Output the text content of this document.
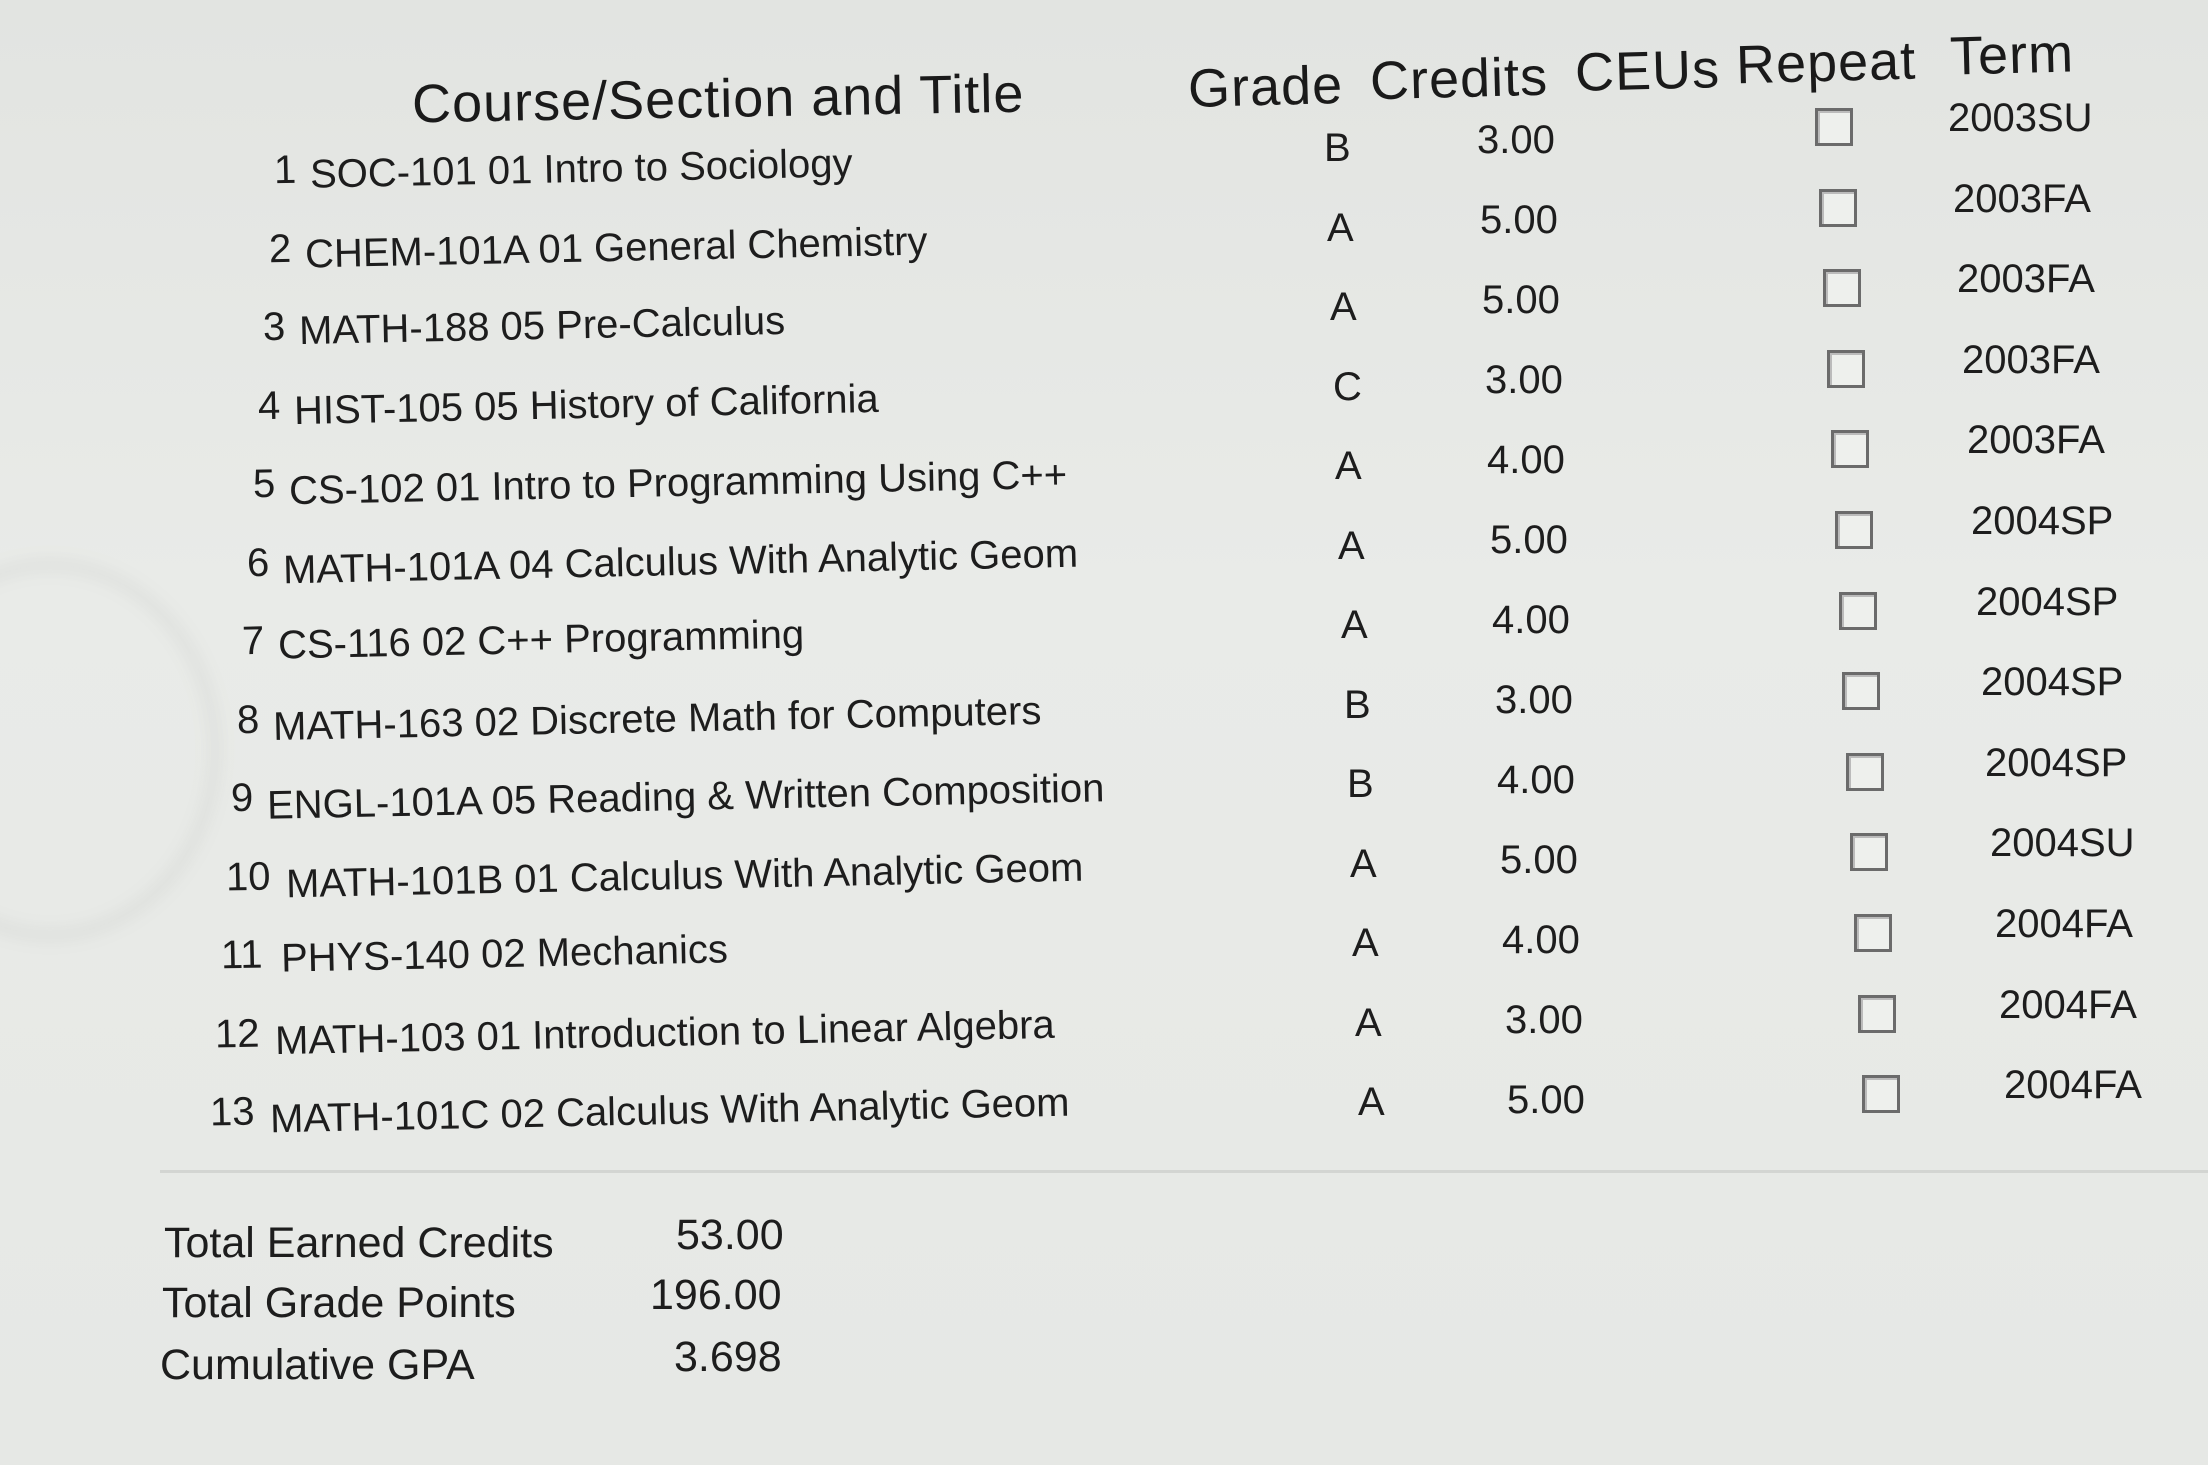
Course/Section and Title	Grade Credits CEUs Repeat Term
1 SOC-101 01 Intro to Sociology	B	3.00	2003SU
2 CHEM-101A 01 General Chemistry	A	5.00	2003FA
3 MATH-188 05 Pre-Calculus	A	5.00	2003FA
4 HIST-105 05 History of California	C	3.00	2003FA
5 CS-102 01 Intro to Programming Using C++	A	4.00	2003FA
6 MATH-101A 04 Calculus With Analytic Geom	A	5.00	2004SP
7 CS-116 02 C++ Programming	A	4.00	2004SP
8 MATH-163 02 Discrete Math for Computers	B	3.00	2004SP
9 ENGL-101A 05 Reading & Written Composition	B	4.00	2004SP
10 MATH-101B 01 Calculus With Analytic Geom	A	5.00	2004SU
11 PHYS-140 02 Mechanics	A	4.00	2004FA
12 MATH-103 01 Introduction to Linear Algebra	A	3.00	2004FA
13 MATH-101C 02 Calculus With Analytic Geom	A	5.00	2004FA
Total Earned Credits	53.00
Total Grade Points	196.00
Cumulative GPA	3.698
